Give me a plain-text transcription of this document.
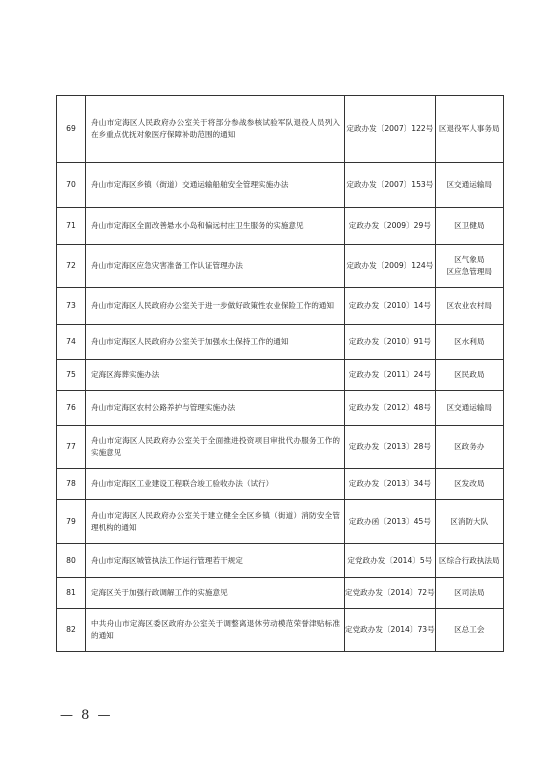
69	舟山市定海区人民政府办公室关于将部分参战参核试验军队退役人员列入在乡重点优抚对象医疗保障补助范围的通知	定政办发〔2007〕122号	区退役军人事务局
70	舟山市定海区乡镇（街道）交通运输船舶安全管理实施办法	定政办发〔2007〕153号	区交通运输局
71	舟山市定海区全面改善悬水小岛和偏远村庄卫生服务的实施意见	定政办发〔2009〕29号	区卫健局
72	舟山市定海区应急灾害准备工作认证管理办法	定政办发〔2009〕124号	区气象局
区应急管理局
73	舟山市定海区人民政府办公室关于进一步做好政策性农业保险工作的通知	定政办发〔2010〕14号	区农业农村局
74	舟山市定海区人民政府办公室关于加强水土保持工作的通知	定政办发〔2010〕91号	区水利局
75	定海区海葬实施办法	定政办发〔2011〕24号	区民政局
76	舟山市定海区农村公路养护与管理实施办法	定政办发〔2012〕48号	区交通运输局
77	舟山市定海区人民政府办公室关于全面推进投资项目审批代办服务工作的实施意见	定政办发〔2013〕28号	区政务办
78	舟山市定海区工业建设工程联合竣工验收办法（试行）	定政办发〔2013〕34号	区发改局
79	舟山市定海区人民政府办公室关于建立健全全区乡镇（街道）消防安全管理机构的通知	定政办函〔2013〕45号	区消防大队
80	舟山市定海区城管执法工作运行管理若干规定	定党政办发〔2014〕5号	区综合行政执法局
81	定海区关于加强行政调解工作的实施意见	定党政办发〔2014〕72号	区司法局
82	中共舟山市定海区委区政府办公室关于调整离退休劳动模范荣誉津贴标准的通知	定党政办发〔2014〕73号	区总工会
— 8 —
